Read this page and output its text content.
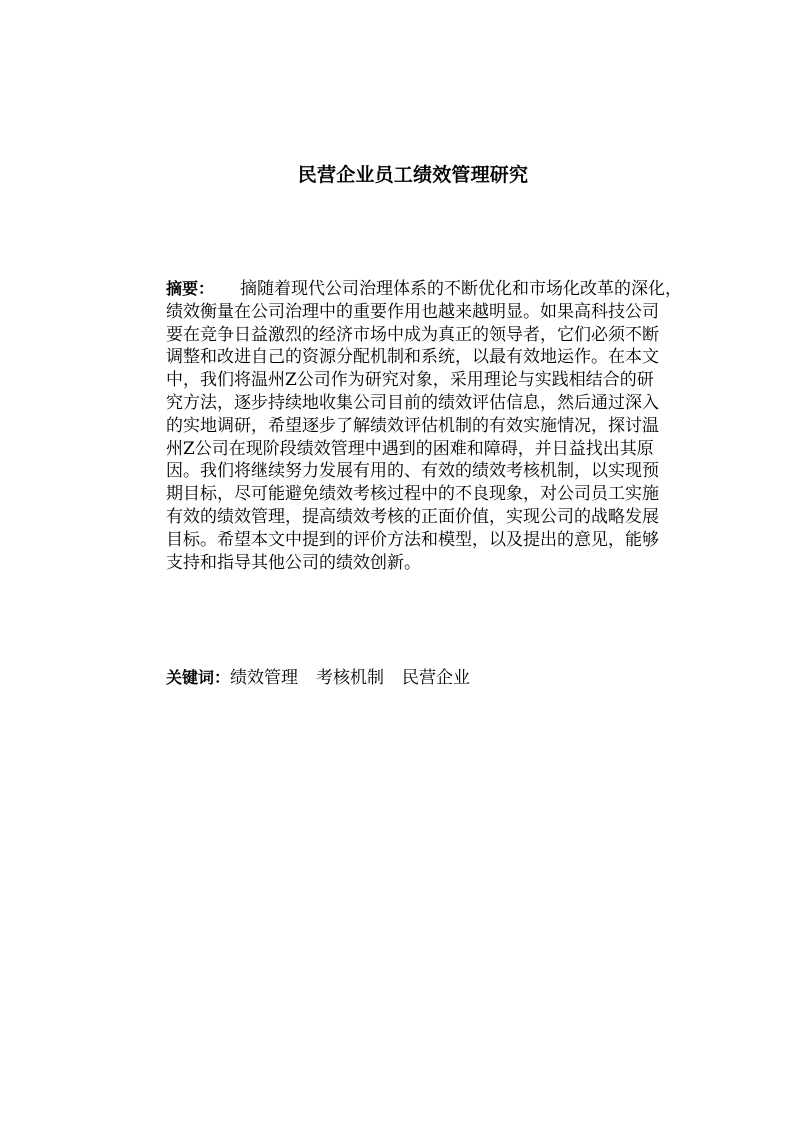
民营企业员工绩效管理研究
摘要： 摘随着现代公司治理体系的不断优化和市场化改革的深化，
绩效衡量在公司治理中的重要作用也越来越明显。如果高科技公司
要在竞争日益激烈的经济市场中成为真正的领导者，它们必须不断
调整和改进自己的资源分配机制和系统，以最有效地运作。在本文
中，我们将温州Z公司作为研究对象，采用理论与实践相结合的研
究方法，逐步持续地收集公司目前的绩效评估信息，然后通过深入
的实地调研，希望逐步了解绩效评估机制的有效实施情况，探讨温
州Z公司在现阶段绩效管理中遇到的困难和障碍，并日益找出其原
因。我们将继续努力发展有用的、有效的绩效考核机制，以实现预
期目标，尽可能避免绩效考核过程中的不良现象，对公司员工实施
有效的绩效管理，提高绩效考核的正面价值，实现公司的战略发展
目标。希望本文中提到的评价方法和模型，以及提出的意见，能够
支持和指导其他公司的绩效创新。
关键词：绩效管理 考核机制 民营企业
